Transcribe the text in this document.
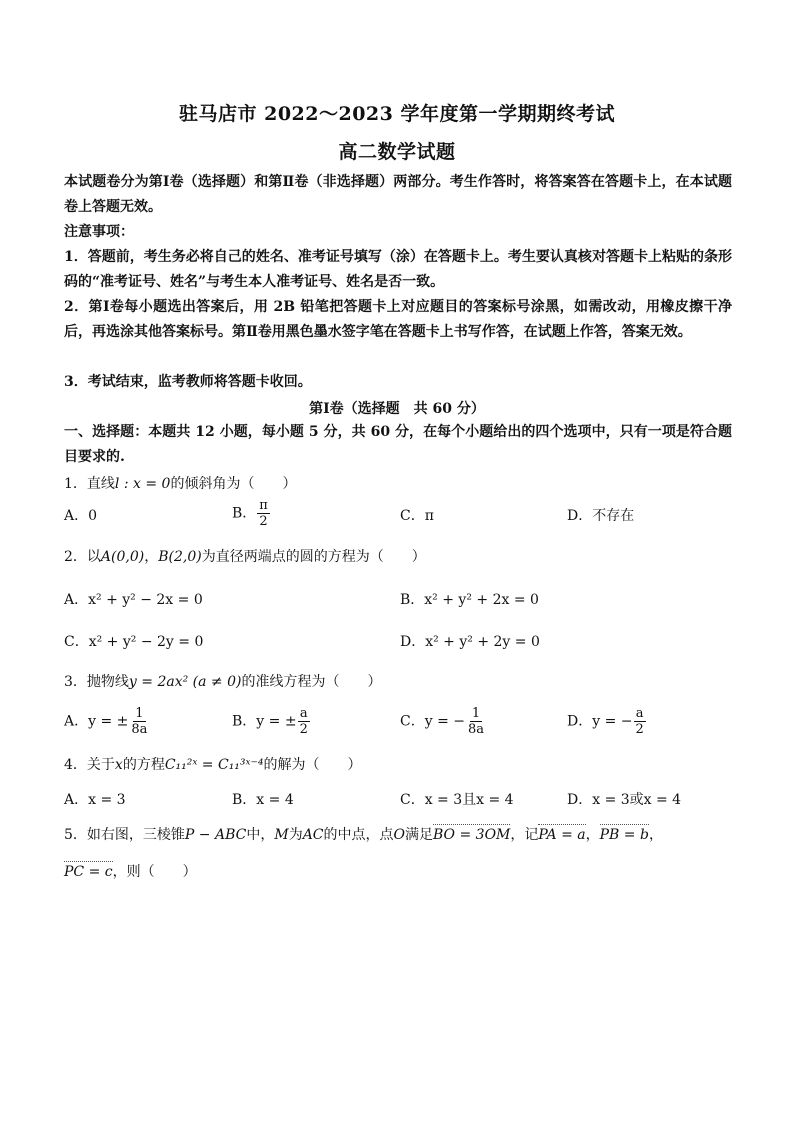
驻马店市 2022～2023 学年度第一学期期终考试
高二数学试题
本试题卷分为第Ⅰ卷（选择题）和第Ⅱ卷（非选择题）两部分。考生作答时，将答案答在答题卡上，在本试题卷上答题无效。
注意事项：
1．答题前，考生务必将自己的姓名、准考证号填写（涂）在答题卡上。考生要认真核对答题卡上粘贴的条形码的“准考证号、姓名”与考生本人准考证号、姓名是否一致。
2．第Ⅰ卷每小题选出答案后，用 2B 铅笔把答题卡上对应题目的答案标号涂黑，如需改动，用橡皮擦干净后，再选涂其他答案标号。第Ⅱ卷用黑色墨水签字笔在答题卡上书写作答，在试题上作答，答案无效。
3．考试结束，监考教师将答题卡收回。
第Ⅰ卷（选择题　共 60 分）
一、选择题：本题共 12 小题，每小题 5 分，共 60 分，在每个小题给出的四个选项中，只有一项是符合题目要求的.
1．直线l : x = 0的倾斜角为（　　）
A．0	B． $\frac{\pi}{2}$	C．π	D．不存在
2．以A(0,0)，B(2,0)为直径两端点的圆的方程为（　　）
A．x² + y² − 2x = 0	B．x² + y² + 2x = 0
C．x² + y² − 2y = 0	D．x² + y² + 2y = 0
3．抛物线y = 2ax² (a ≠ 0)的准线方程为（　　）
A．y = ± $\frac{1}{8a}$	B．y = ± $\frac{a}{2}$	C．y = − $\frac{1}{8a}$	D．y = − $\frac{a}{2}$
4．关于x的方程C₁₁²ˣ = C₁₁³ˣ⁻⁴的解为（　　）
A．x = 3	B．x = 4	C．x = 3且x = 4	D．x = 3或x = 4
5．如右图，三棱锥P − ABC中，M为AC的中点，点O满足BO = 3OM，记PA = a，PB = b，
PC = c，则（　　）
